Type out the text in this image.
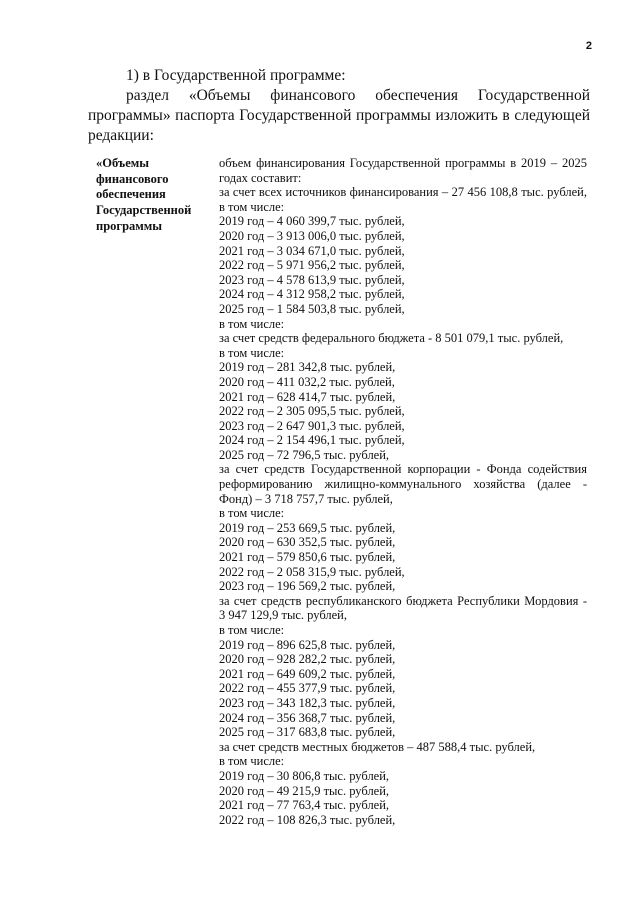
2

1) в Государственной программе:

раздел «Объемы финансового обеспечения Государственной программы» паспорта Государственной программы изложить в следующей редакции:

«Объемы финансового обеспечения Государственной программы
объем финансирования Государственной программы в 2019 – 2025 годах составит:
за счет всех источников финансирования – 27 456 108,8 тыс. рублей, в том числе:
2019 год – 4 060 399,7 тыс. рублей,
2020 год – 3 913 006,0 тыс. рублей,
2021 год – 3 034 671,0 тыс. рублей,
2022 год – 5 971 956,2 тыс. рублей,
2023 год – 4 578 613,9 тыс. рублей,
2024 год – 4 312 958,2 тыс. рублей,
2025 год – 1 584 503,8 тыс. рублей,
в том числе:
за счет средств федерального бюджета - 8 501 079,1 тыс. рублей,
в том числе:
2019 год – 281 342,8 тыс. рублей,
2020 год – 411 032,2 тыс. рублей,
2021 год – 628 414,7 тыс. рублей,
2022 год – 2 305 095,5 тыс. рублей,
2023 год – 2 647 901,3 тыс. рублей,
2024 год – 2 154 496,1 тыс. рублей,
2025 год – 72 796,5 тыс. рублей,
за счет средств Государственной корпорации - Фонда содействия реформированию жилищно-коммунального хозяйства (далее - Фонд) – 3 718 757,7 тыс. рублей,
в том числе:
2019 год – 253 669,5 тыс. рублей,
2020 год – 630 352,5 тыс. рублей,
2021 год – 579 850,6 тыс. рублей,
2022 год – 2 058 315,9 тыс. рублей,
2023 год – 196 569,2 тыс. рублей,
за счет средств республиканского бюджета Республики Мордовия - 3 947 129,9 тыс. рублей,
в том числе:
2019 год – 896 625,8 тыс. рублей,
2020 год – 928 282,2 тыс. рублей,
2021 год – 649 609,2 тыс. рублей,
2022 год – 455 377,9 тыс. рублей,
2023 год – 343 182,3 тыс. рублей,
2024 год – 356 368,7 тыс. рублей,
2025 год – 317 683,8 тыс. рублей,
за счет средств местных бюджетов – 487 588,4 тыс. рублей,
в том числе:
2019 год – 30 806,8 тыс. рублей,
2020 год – 49 215,9 тыс. рублей,
2021 год – 77 763,4 тыс. рублей,
2022 год – 108 826,3 тыс. рублей,
